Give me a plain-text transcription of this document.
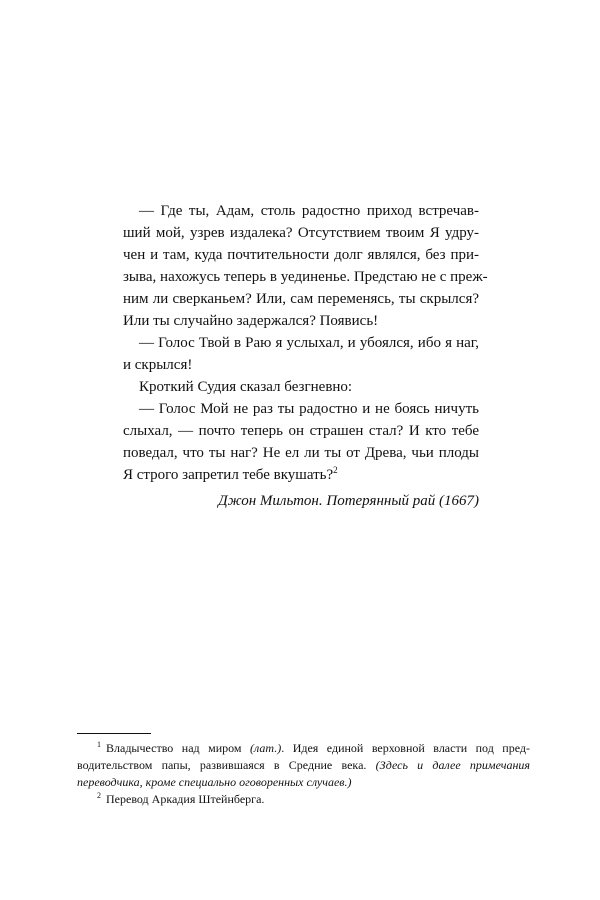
— Где ты, Адам, столь радостно приход встречав-
ший мой, узрев издалека? Отсутствием твоим Я удру-
чен и там, куда почтительности долг являлся, без при-
зыва, нахожусь теперь в уединенье. Предстаю не с преж-
ним ли сверканьем? Или, сам переменясь, ты скрылся?
Или ты случайно задержался? Появись!
— Голос Твой в Раю я услыхал, и убоялся, ибо я наг,
и скрылся!
Кроткий Судия сказал безгневно:
— Голос Мой не раз ты радостно и не боясь ничуть
слыхал, — почто теперь он страшен стал? И кто тебе
поведал, что ты наг? Не ел ли ты от Древа, чьи плоды
Я строго запретил тебе вкушать?$^2$
Джон Мильтон. Потерянный рай (1667)
$^1$ Владычество над миром (лат.). Идея единой верховной власти под пред-
водительством папы, развившаяся в Средние века. (Здесь и далее примечания
переводчика, кроме специально оговоренных случаев.)
$^2$ Перевод Аркадия Штейнберга.
